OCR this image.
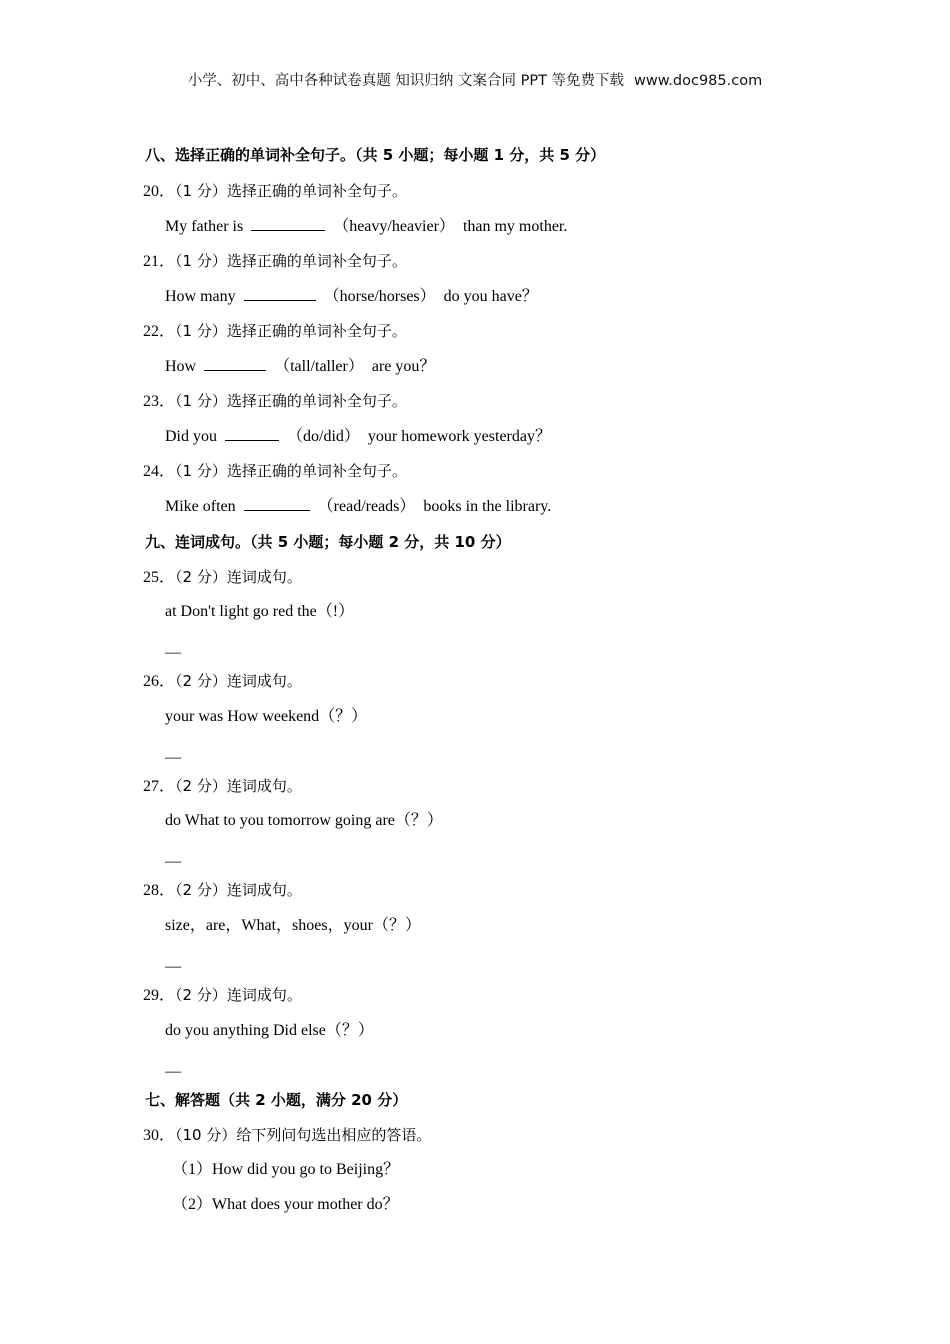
小学、初中、高中各种试卷真题 知识归纳 文案合同 PPT 等免费下载 www.doc985.com
八、选择正确的单词补全句子。（共 5 小题；每小题 1 分，共 5 分）
20．（1 分）选择正确的单词补全句子。
My father is	（heavy/heavier） than my mother.
21．（1 分）选择正确的单词补全句子。
How many	（horse/horses） do you have？
22．（1 分）选择正确的单词补全句子。
How	（tall/taller） are you？
23．（1 分）选择正确的单词补全句子。
Did you	（do/did） your homework yesterday？
24．（1 分）选择正确的单词补全句子。
Mike often	（read/reads） books in the library.
九、连词成句。（共 5 小题；每小题 2 分，共 10 分）
25．（2 分）连词成句。
at Don't light go red the（!）
—
26．（2 分）连词成句。
your was How weekend（？）
—
27．（2 分）连词成句。
do What to you tomorrow going are（？）
—
28．（2 分）连词成句。
size，are，What，shoes，your（？）
—
29．（2 分）连词成句。
do you anything Did else（？）
—
七、解答题（共 2 小题，满分 20 分）
30．（10 分）给下列问句选出相应的答语。
（1）How did you go to Beijing？
（2）What does your mother do？
